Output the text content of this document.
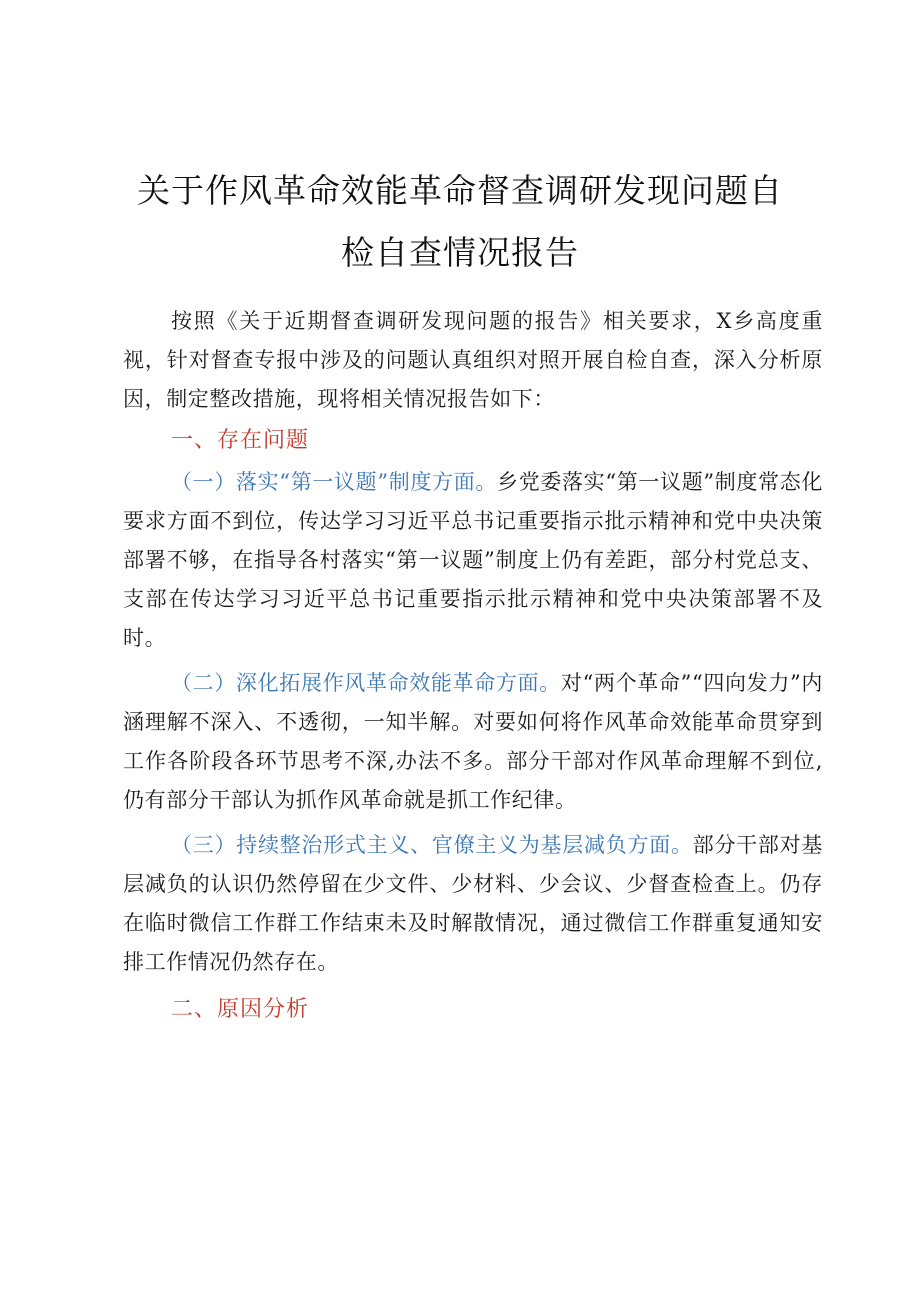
关于作风革命效能革命督查调研发现问题自
检自查情况报告

按照《关于近期督查调研发现问题的报告》相关要求，X乡高度重视，针对督查专报中涉及的问题认真组织对照开展自检自查，深入分析原因，制定整改措施，现将相关情况报告如下：

一、存在问题

（一）落实“第一议题”制度方面。乡党委落实“第一议题”制度常态化要求方面不到位，传达学习习近平总书记重要指示批示精神和党中央决策部署不够，在指导各村落实“第一议题”制度上仍有差距，部分村党总支、支部在传达学习习近平总书记重要指示批示精神和党中央决策部署不及时。

（二）深化拓展作风革命效能革命方面。对“两个革命”“四向发力”内涵理解不深入、不透彻，一知半解。对要如何将作风革命效能革命贯穿到工作各阶段各环节思考不深,办法不多。部分干部对作风革命理解不到位,仍有部分干部认为抓作风革命就是抓工作纪律。

（三）持续整治形式主义、官僚主义为基层减负方面。部分干部对基层减负的认识仍然停留在少文件、少材料、少会议、少督查检查上。仍存在临时微信工作群工作结束未及时解散情况，通过微信工作群重复通知安排工作情况仍然存在。

二、原因分析
